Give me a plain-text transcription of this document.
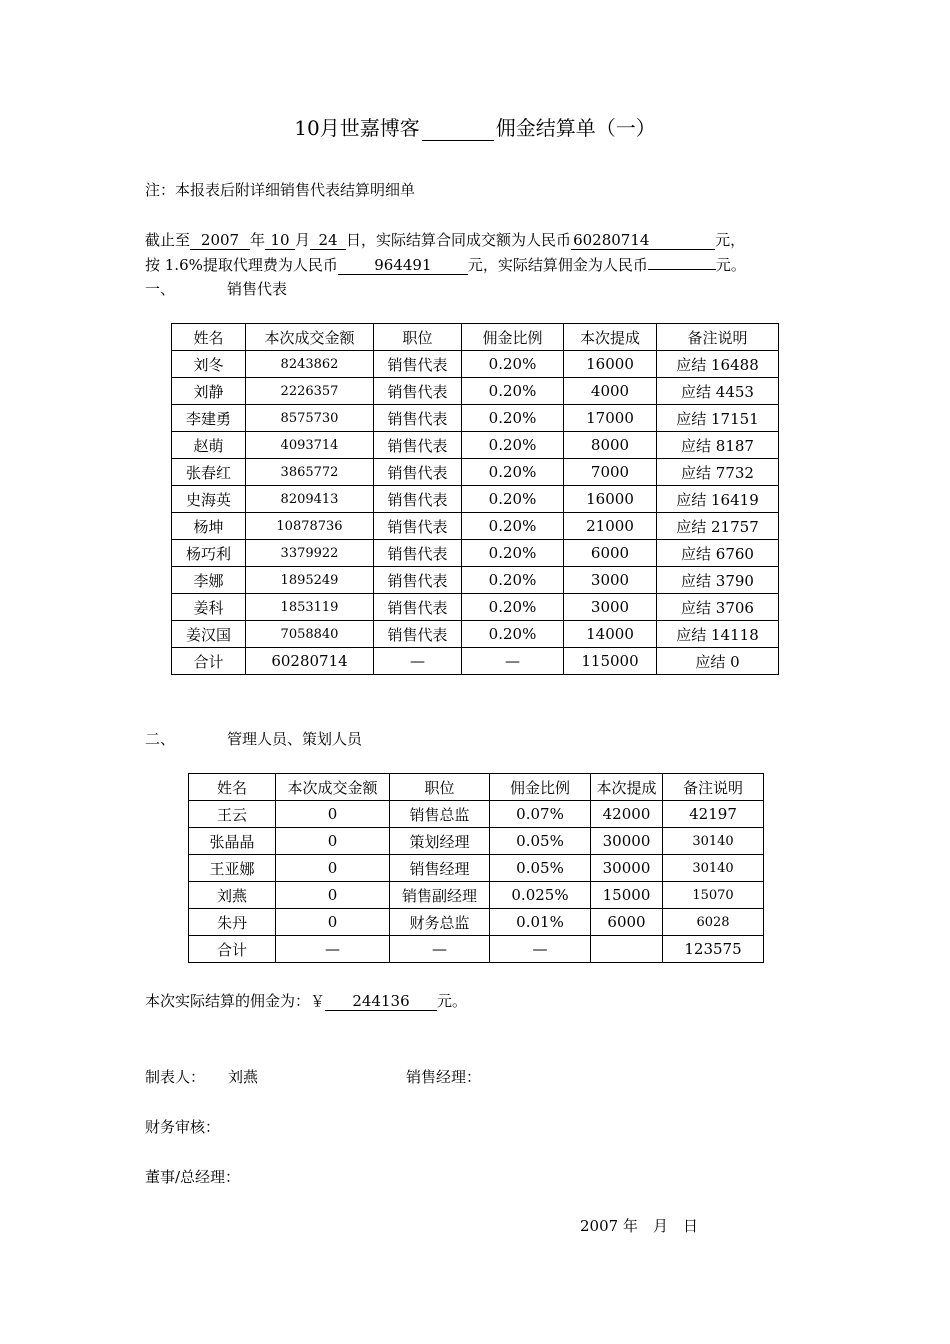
10月世嘉博客	佣金结算单（一）
注：本报表后附详细销售代表结算明细单
截止至 2007 年 10 月 24 日，实际结算合同成交额为人民币 60280714	元，
按 1.6%提取代理费为人民币 964491 元，实际结算佣金为人民币	元。
一、	销售代表
姓名	本次成交金额	职位	佣金比例	本次提成	备注说明
刘冬	8243862	销售代表	0.20%	16000	应结 16488
刘静	2226357	销售代表	0.20%	4000	应结 4453
李建勇	8575730	销售代表	0.20%	17000	应结 17151
赵萌	4093714	销售代表	0.20%	8000	应结 8187
张春红	3865772	销售代表	0.20%	7000	应结 7732
史海英	8209413	销售代表	0.20%	16000	应结 16419
杨坤	10878736	销售代表	0.20%	21000	应结 21757
杨巧利	3379922	销售代表	0.20%	6000	应结 6760
李娜	1895249	销售代表	0.20%	3000	应结 3790
姜科	1853119	销售代表	0.20%	3000	应结 3706
姜汉国	7058840	销售代表	0.20%	14000	应结 14118
合计	60280714	—	—	115000	应结 0
二、	管理人员、策划人员
姓名	本次成交金额	职位	佣金比例	本次提成	备注说明
王云	0	销售总监	0.07%	42000	42197
张晶晶	0	策划经理	0.05%	30000	30140
王亚娜	0	销售经理	0.05%	30000	30140
刘燕	0	销售副经理	0.025%	15000	15070
朱丹	0	财务总监	0.01%	6000	6028
合计	—	—	—		123575
本次实际结算的佣金为：￥ 244136 元。
制表人： 刘燕	销售经理：
财务审核：
董事/总经理：
2007 年　月　日
